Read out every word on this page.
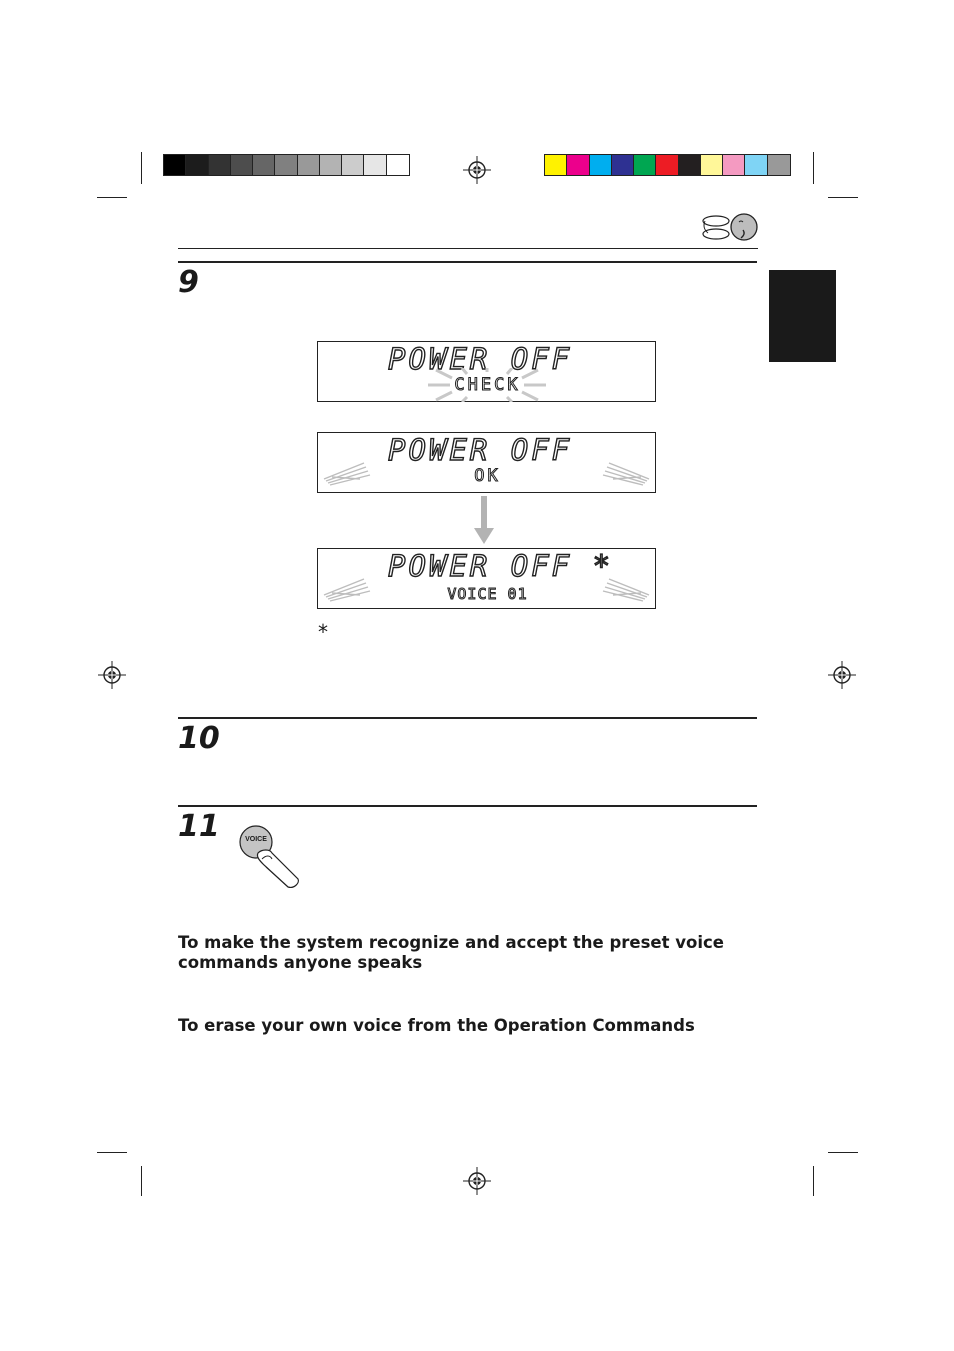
9
POWER OFF
CHECK
POWER OFF
OK
POWER OFF *
VOICE 01
*
10
11	VOICE
To make the system recognize and accept the preset voice commands anyone speaks
To erase your own voice from the Operation Commands
